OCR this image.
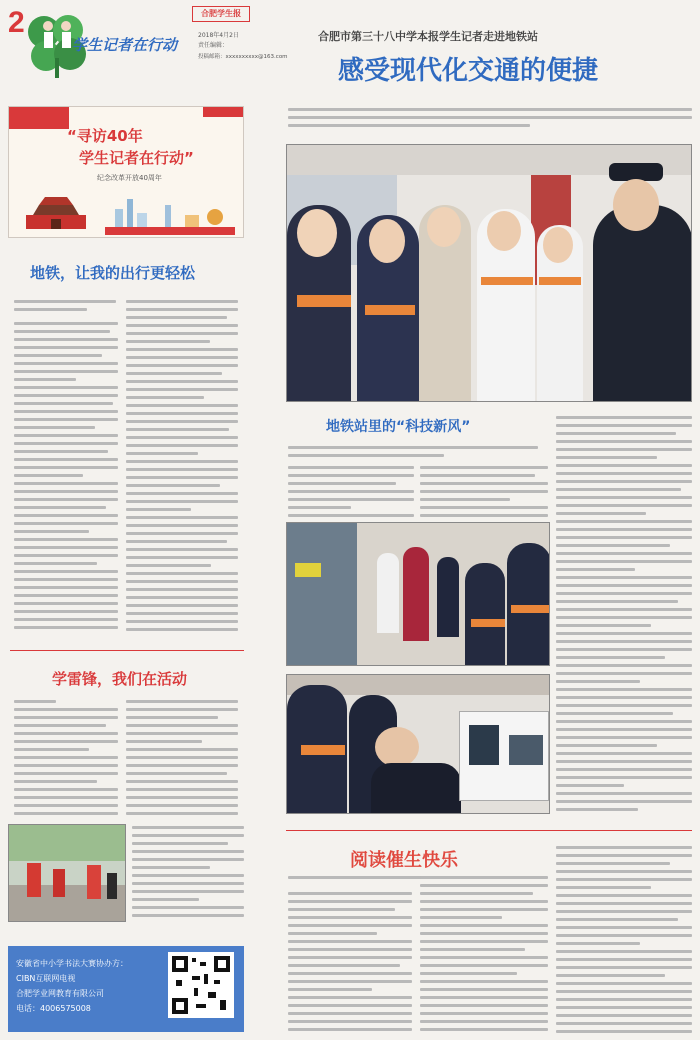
2
学生记者在行动
合肥学生报
2018年4月2日
责任编辑：
投稿邮箱：xxxxxxxxxx@163.com
“寻访40年
学生记者在行动”
纪念改革开放40周年
地铁，让我的出行更轻松
学雷锋，我们在活动
安徽省中小学书法大赛协办方：
CIBN互联网电视
合肥学业网教育有限公司
电话：4006575008
合肥市第三十八中学本报学生记者走进地铁站
感受现代化交通的便捷
地铁站里的“科技新风”
阅读催生快乐
